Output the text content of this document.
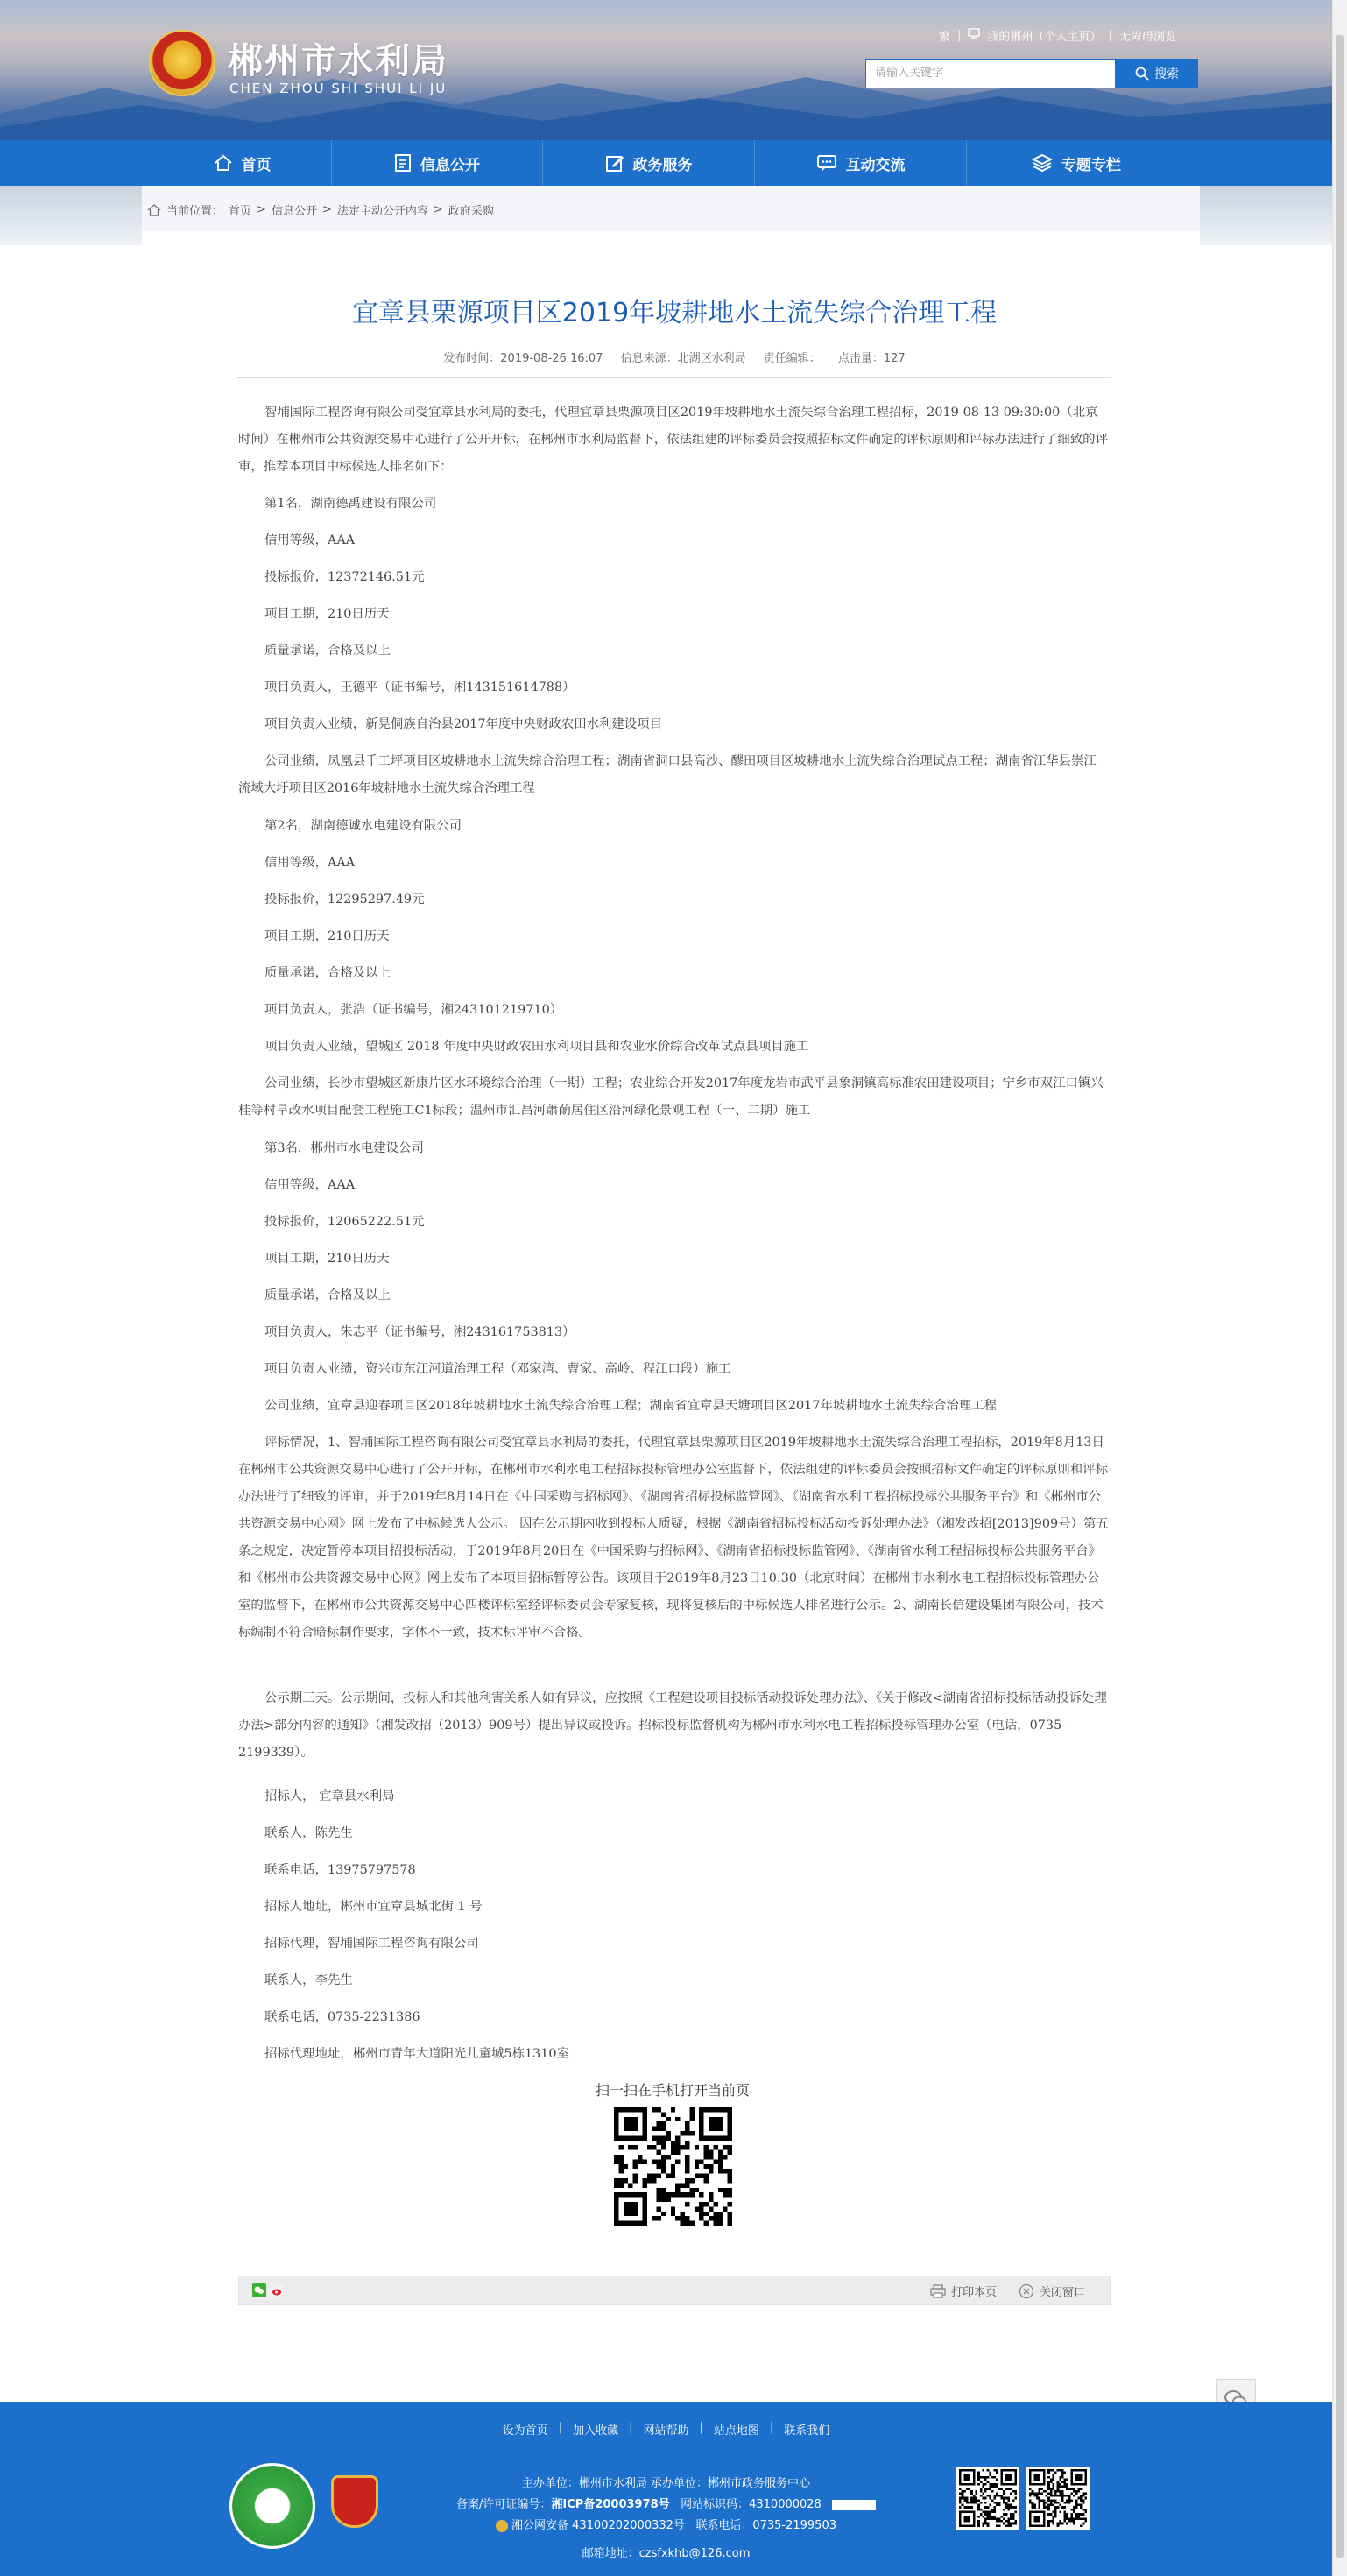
郴州市水利局
CHEN ZHOU SHI SHUI LI JU
繁 | 我的郴州（个人主页） | 无障碍浏览
请输入关键字	搜索
首页	信息公开	政务服务	互动交流	专题专栏
当前位置： 首页 > 信息公开 > 法定主动公开内容 > 政府采购
宜章县栗源项目区2019年坡耕地水土流失综合治理工程
发布时间：2019-08-26 16:07 信息来源：北湖区水利局 责任编辑： 点击量：127
智埔国际工程咨询有限公司受宜章县水利局的委托，代理宜章县栗源项目区2019年坡耕地水土流失综合治理工程招标，2019-08-13 09:30:00（北京时间）在郴州市公共资源交易中心进行了公开开标，在郴州市水利局监督下，依法组建的评标委员会按照招标文件确定的评标原则和评标办法进行了细致的评审，推荐本项目中标候选人排名如下：
第1名，湖南德禹建设有限公司
信用等级，AAA
投标报价，12372146.51元
项目工期，210日历天
质量承诺，合格及以上
项目负责人，王德平（证书编号，湘143151614788）
项目负责人业绩，新晃侗族自治县2017年度中央财政农田水利建设项目
公司业绩，凤凰县千工坪项目区坡耕地水土流失综合治理工程；湖南省洞口县高沙、醪田项目区坡耕地水土流失综合治理试点工程；湖南省江华县崇江流域大圩项目区2016年坡耕地水土流失综合治理工程
第2名，湖南德诚水电建设有限公司
信用等级，AAA
投标报价，12295297.49元
项目工期，210日历天
质量承诺，合格及以上
项目负责人，张浩（证书编号，湘243101219710）
项目负责人业绩，望城区 2018 年度中央财政农田水利项目县和农业水价综合改革试点县项目施工
公司业绩，长沙市望城区新康片区水环境综合治理（一期）工程；农业综合开发2017年度龙岩市武平县象洞镇高标准农田建设项目；宁乡市双江口镇兴桂等村旱改水项目配套工程施工C1标段；温州市汇昌河蕭蓢居住区沿河绿化景观工程（一、二期）施工
第3名，郴州市水电建设公司
信用等级，AAA
投标报价，12065222.51元
项目工期，210日历天
质量承诺，合格及以上
项目负责人，朱志平（证书编号，湘243161753813）
项目负责人业绩，资兴市东江河道治理工程（邓家湾、曹家、高岭、程江口段）施工
公司业绩，宜章县迎春项目区2018年坡耕地水土流失综合治理工程；湖南省宜章县天塘项目区2017年坡耕地水土流失综合治理工程
评标情况，1、智埔国际工程咨询有限公司受宜章县水利局的委托，代理宜章县栗源项目区2019年坡耕地水土流失综合治理工程招标，2019年8月13日在郴州市公共资源交易中心进行了公开开标，在郴州市水利水电工程招标投标管理办公室监督下，依法组建的评标委员会按照招标文件确定的评标原则和评标办法进行了细致的评审，并于2019年8月14日在《中国采购与招标网》、《湖南省招标投标监管网》、《湖南省水利工程招标投标公共服务平台》和《郴州市公共资源交易中心网》网上发布了中标候选人公示。 因在公示期内收到投标人质疑，根据《湖南省招标投标活动投诉处理办法》（湘发改招[2013]909号）第五条之规定，决定暂停本项目招投标活动，于2019年8月20日在《中国采购与招标网》、《湖南省招标投标监管网》、《湖南省水利工程招标投标公共服务平台》和《郴州市公共资源交易中心网》网上发布了本项目招标暂停公告。该项目于2019年8月23日10:30（北京时间）在郴州市水利水电工程招标投标管理办公室的监督下，在郴州市公共资源交易中心四楼评标室经评标委员会专家复核，现将复核后的中标候选人排名进行公示。2、湖南长信建设集团有限公司，技术标编制不符合暗标制作要求，字体不一致，技术标评审不合格。
公示期三天。公示期间，投标人和其他利害关系人如有异议，应按照《工程建设项目投标活动投诉处理办法》、《关于修改<湖南省招标投标活动投诉处理办法>部分内容的通知》（湘发改招（2013）909号）提出异议或投诉。招标投标监督机构为郴州市水利水电工程招标投标管理办公室（电话，0735-2199339）。
招标人， 宜章县水利局
联系人，陈先生
联系电话，13975797578
招标人地址，郴州市宜章县城北街 1 号
招标代理，智埔国际工程咨询有限公司
联系人，李先生
联系电话，0735-2231386
招标代理地址，郴州市青年大道阳光儿童城5栋1310室
扫一扫在手机打开当前页
打印本页	关闭窗口
设为首页 | 加入收藏 | 网站帮助 | 站点地图 | 联系我们
主办单位：郴州市水利局 承办单位：郴州市政务服务中心
备案/许可证编号：湘ICP备20003978号 网站标识码：4310000028
湘公网安备 43100202000332号 联系电话：0735-2199503
邮箱地址：czsfxkhb@126.com
